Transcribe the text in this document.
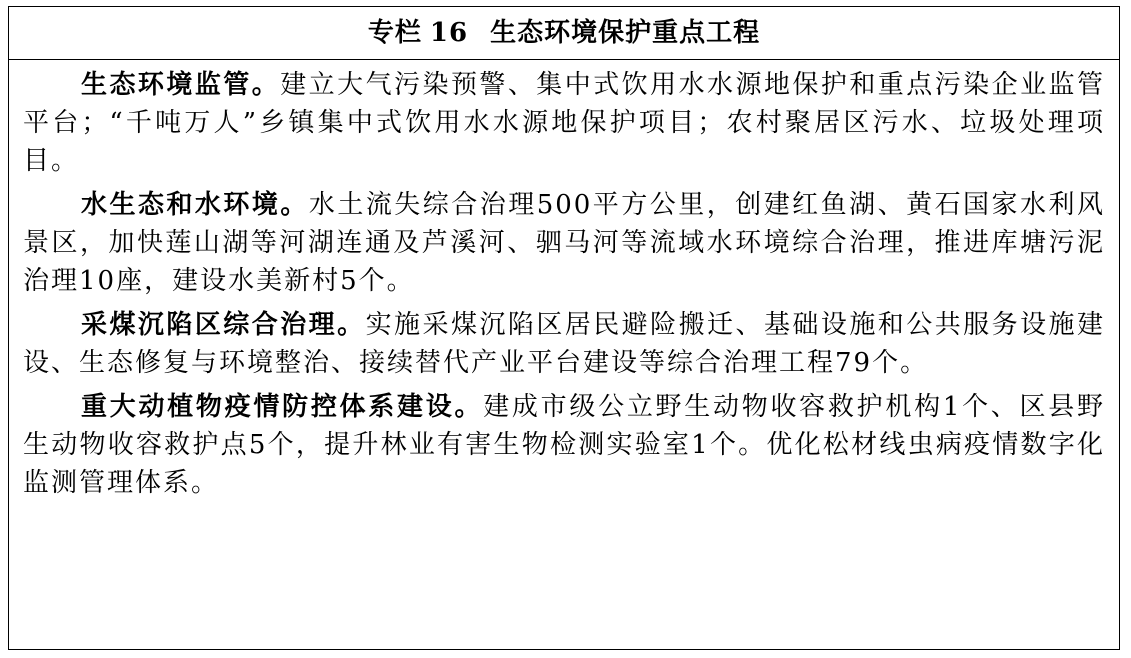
专栏 16 生态环境保护重点工程

生态环境监管。建立大气污染预警、集中式饮用水水源地保护和重点污染企业监管平台；“千吨万人”乡镇集中式饮用水水源地保护项目；农村聚居区污水、垃圾处理项目。

水生态和水环境。水土流失综合治理500平方公里，创建红鱼湖、黄石国家水利风景区，加快莲山湖等河湖连通及芦溪河、驷马河等流域水环境综合治理，推进库塘污泥治理10座，建设水美新村5个。

采煤沉陷区综合治理。实施采煤沉陷区居民避险搬迁、基础设施和公共服务设施建设、生态修复与环境整治、接续替代产业平台建设等综合治理工程79个。

重大动植物疫情防控体系建设。建成市级公立野生动物收容救护机构1个、区县野生动物收容救护点5个，提升林业有害生物检测实验室1个。优化松材线虫病疫情数字化监测管理体系。
